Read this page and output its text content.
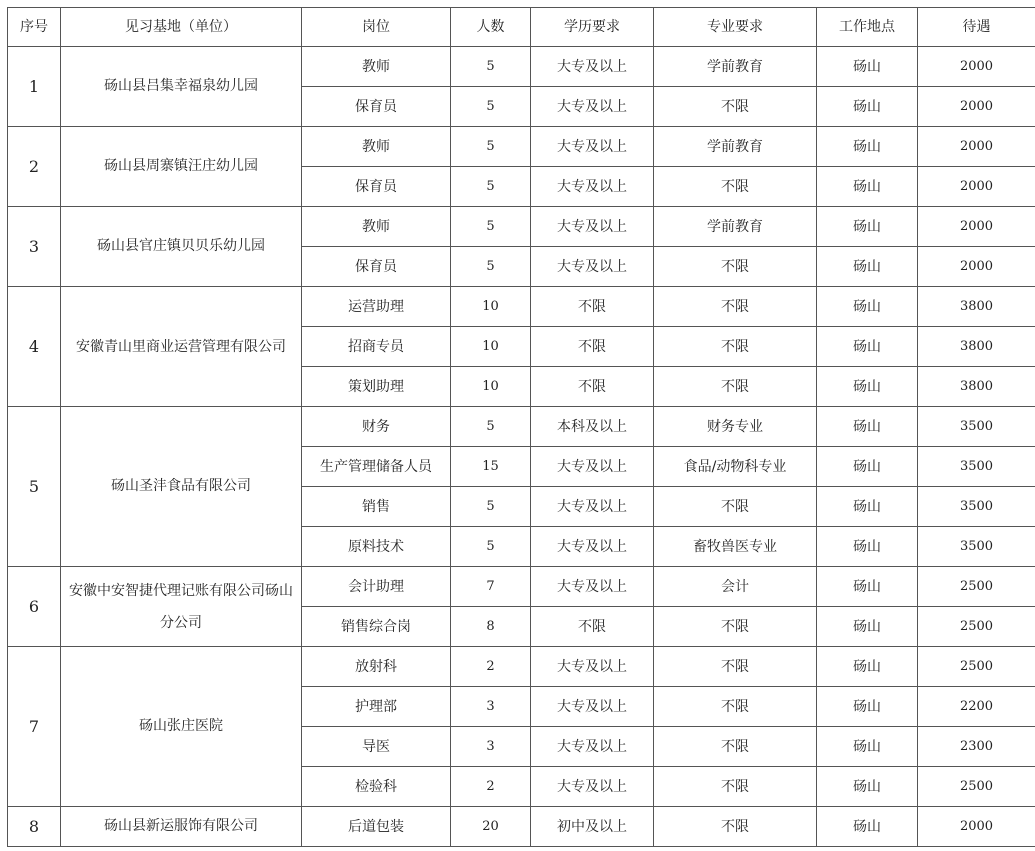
序号	见习基地（单位）	岗位	人数	学历要求	专业要求	工作地点	待遇
1	砀山县吕集幸福泉幼儿园	教师	5	大专及以上	学前教育	砀山	2000
		保育员	5	大专及以上	不限	砀山	2000
2	砀山县周寨镇汪庄幼儿园	教师	5	大专及以上	学前教育	砀山	2000
		保育员	5	大专及以上	不限	砀山	2000
3	砀山县官庄镇贝贝乐幼儿园	教师	5	大专及以上	学前教育	砀山	2000
		保育员	5	大专及以上	不限	砀山	2000
4	安徽青山里商业运营管理有限公司	运营助理	10	不限	不限	砀山	3800
		招商专员	10	不限	不限	砀山	3800
		策划助理	10	不限	不限	砀山	3800
5	砀山圣沣食品有限公司	财务	5	本科及以上	财务专业	砀山	3500
		生产管理储备人员	15	大专及以上	食品/动物科专业	砀山	3500
		销售	5	大专及以上	不限	砀山	3500
		原料技术	5	大专及以上	畜牧兽医专业	砀山	3500
6	安徽中安智捷代理记账有限公司砀山分公司	会计助理	7	大专及以上	会计	砀山	2500
		销售综合岗	8	不限	不限	砀山	2500
7	砀山张庄医院	放射科	2	大专及以上	不限	砀山	2500
		护理部	3	大专及以上	不限	砀山	2200
		导医	3	大专及以上	不限	砀山	2300
		检验科	2	大专及以上	不限	砀山	2500
8	砀山县新运服饰有限公司	后道包装	20	初中及以上	不限	砀山	2000
